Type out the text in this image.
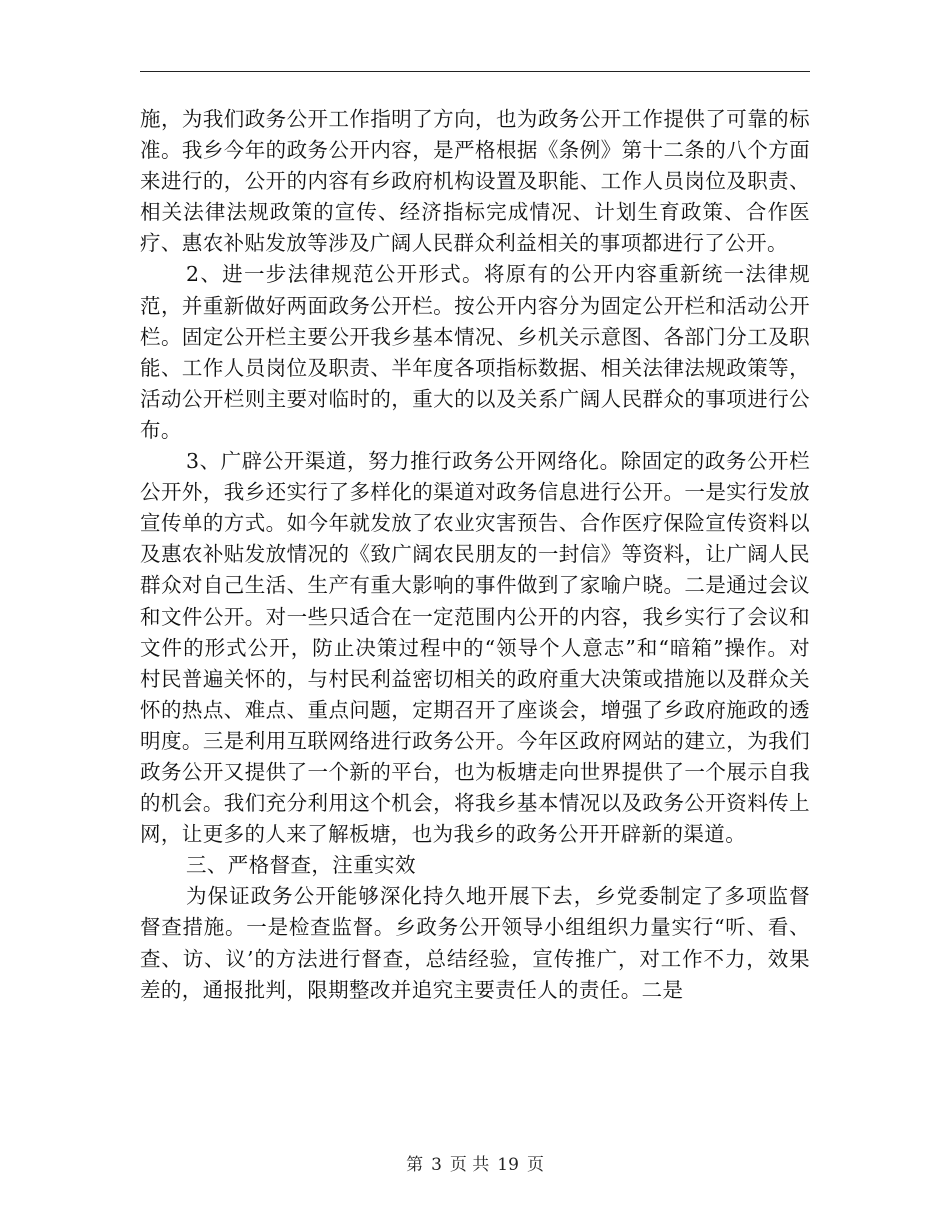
施，为我们政务公开工作指明了方向，也为政务公开工作提供了可靠的标准。我乡今年的政务公开内容，是严格根据《条例》第十二条的八个方面来进行的，公开的内容有乡政府机构设置及职能、工作人员岗位及职责、相关法律法规政策的宣传、经济指标完成情况、计划生育政策、合作医疗、惠农补贴发放等涉及广阔人民群众利益相关的事项都进行了公开。

2、进一步法律规范公开形式。将原有的公开内容重新统一法律规范，并重新做好两面政务公开栏。按公开内容分为固定公开栏和活动公开栏。固定公开栏主要公开我乡基本情况、乡机关示意图、各部门分工及职能、工作人员岗位及职责、半年度各项指标数据、相关法律法规政策等，活动公开栏则主要对临时的，重大的以及关系广阔人民群众的事项进行公布。

3、广辟公开渠道，努力推行政务公开网络化。除固定的政务公开栏公开外，我乡还实行了多样化的渠道对政务信息进行公开。一是实行发放宣传单的方式。如今年就发放了农业灾害预告、合作医疗保险宣传资料以及惠农补贴发放情况的《致广阔农民朋友的一封信》等资料，让广阔人民群众对自己生活、生产有重大影响的事件做到了家喻户晓。二是通过会议和文件公开。对一些只适合在一定范围内公开的内容，我乡实行了会议和文件的形式公开，防止决策过程中的“领导个人意志”和“暗箱”操作。对村民普遍关怀的，与村民利益密切相关的政府重大决策或措施以及群众关怀的热点、难点、重点问题，定期召开了座谈会，增强了乡政府施政的透明度。三是利用互联网络进行政务公开。今年区政府网站的建立，为我们政务公开又提供了一个新的平台，也为板塘走向世界提供了一个展示自我的机会。我们充分利用这个机会，将我乡基本情况以及政务公开资料传上网，让更多的人来了解板塘，也为我乡的政务公开开辟新的渠道。

三、严格督查，注重实效

为保证政务公开能够深化持久地开展下去，乡党委制定了多项监督督查措施。一是检查监督。乡政务公开领导小组组织力量实行“听、看、查、访、议’的方法进行督查，总结经验，宣传推广，对工作不力，效果差的，通报批判，限期整改并追究主要责任人的责任。二是

第 3 页 共 19 页
